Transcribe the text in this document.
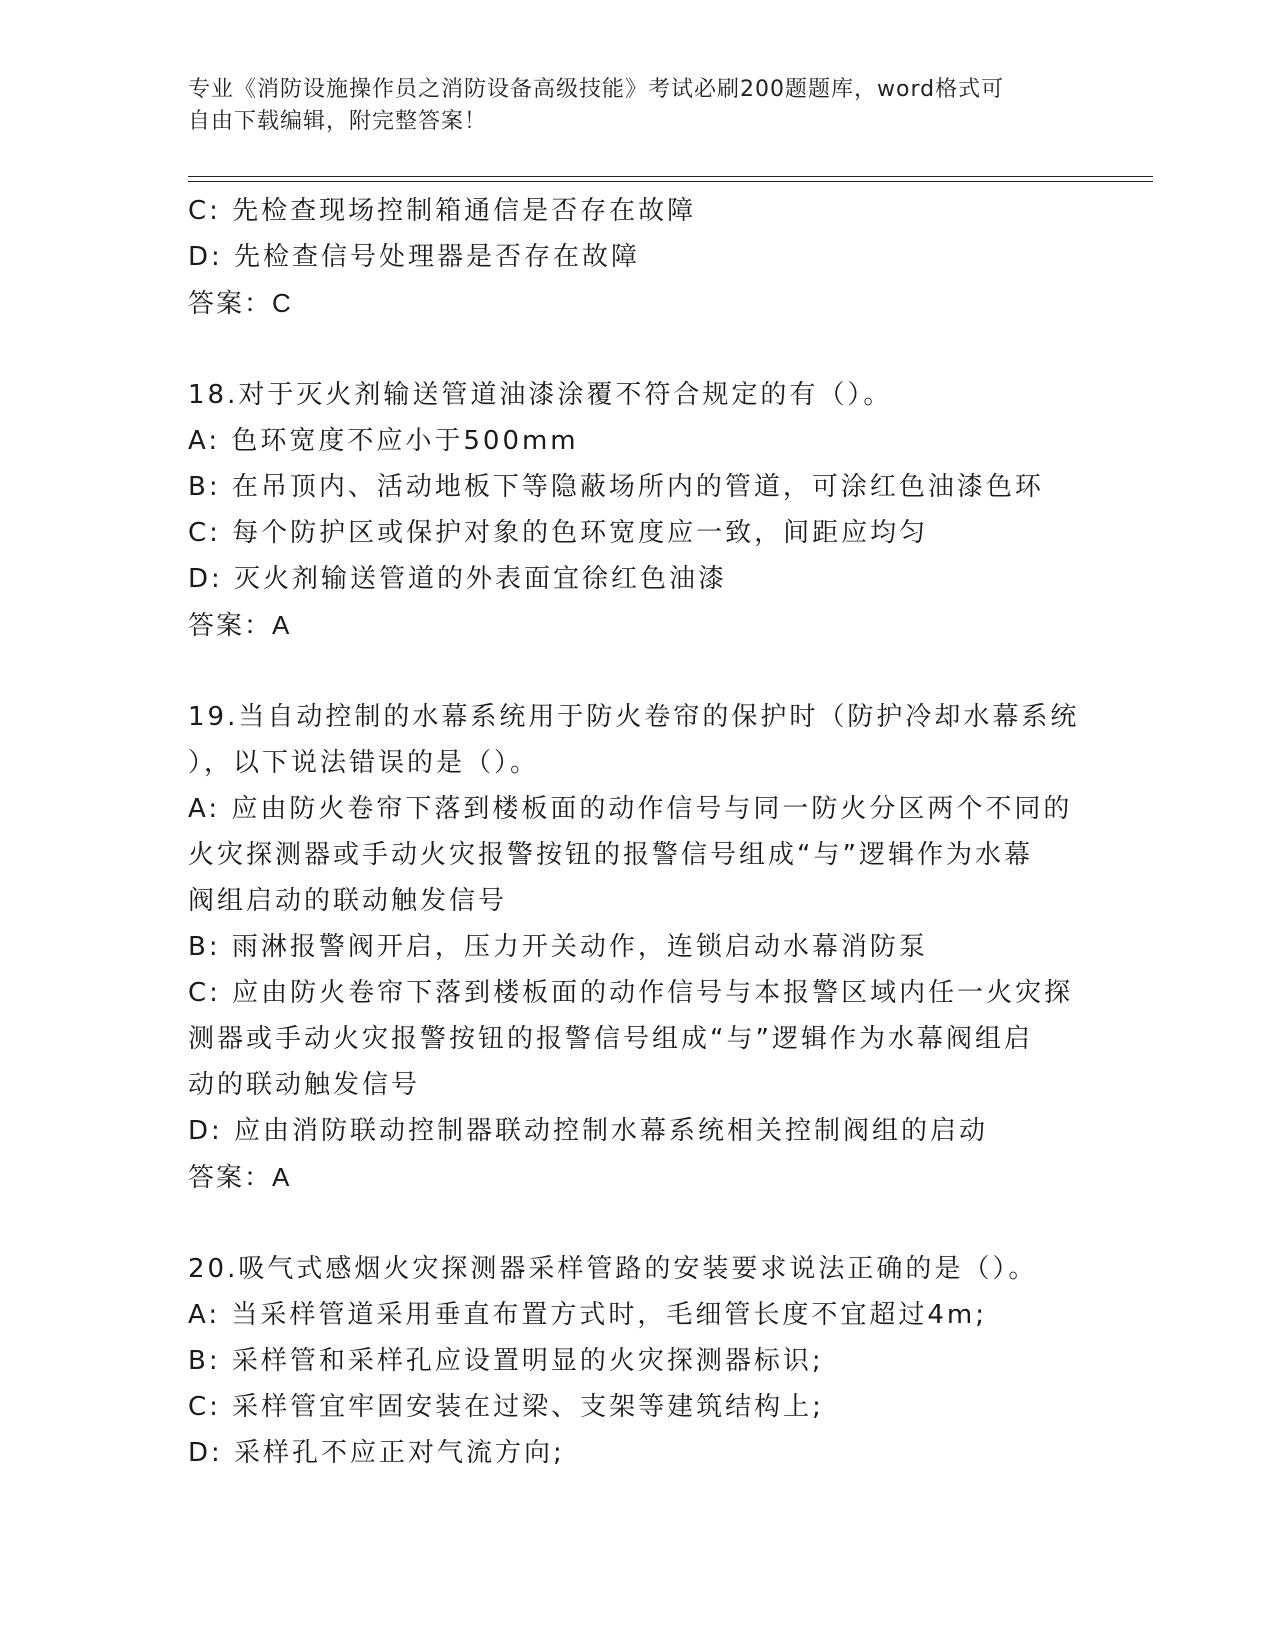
专业《消防设施操作员之消防设备高级技能》考试必刷200题题库，word格式可
自由下载编辑，附完整答案！
C: 先检查现场控制箱通信是否存在故障
D: 先检查信号处理器是否存在故障
答案：C
18.对于灭火剂输送管道油漆涂覆不符合规定的有（）。
A: 色环宽度不应小于500mm
B: 在吊顶内、活动地板下等隐蔽场所内的管道，可涂红色油漆色环
C: 每个防护区或保护对象的色环宽度应一致，间距应均匀
D: 灭火剂输送管道的外表面宜徐红色油漆
答案：A
19.当自动控制的水幕系统用于防火卷帘的保护时（防护冷却水幕系统
），以下说法错误的是（）。
A: 应由防火卷帘下落到楼板面的动作信号与同一防火分区两个不同的
火灾探测器或手动火灾报警按钮的报警信号组成“与”逻辑作为水幕
阀组启动的联动触发信号
B: 雨淋报警阀开启，压力开关动作，连锁启动水幕消防泵
C: 应由防火卷帘下落到楼板面的动作信号与本报警区域内任一火灾探
测器或手动火灾报警按钮的报警信号组成“与”逻辑作为水幕阀组启
动的联动触发信号
D: 应由消防联动控制器联动控制水幕系统相关控制阀组的启动
答案：A
20.吸气式感烟火灾探测器采样管路的安装要求说法正确的是（）。
A: 当采样管道采用垂直布置方式时，毛细管长度不宜超过4m;
B: 采样管和采样孔应设置明显的火灾探测器标识;
C: 采样管宜牢固安装在过梁、支架等建筑结构上;
D: 采样孔不应正对气流方向;
